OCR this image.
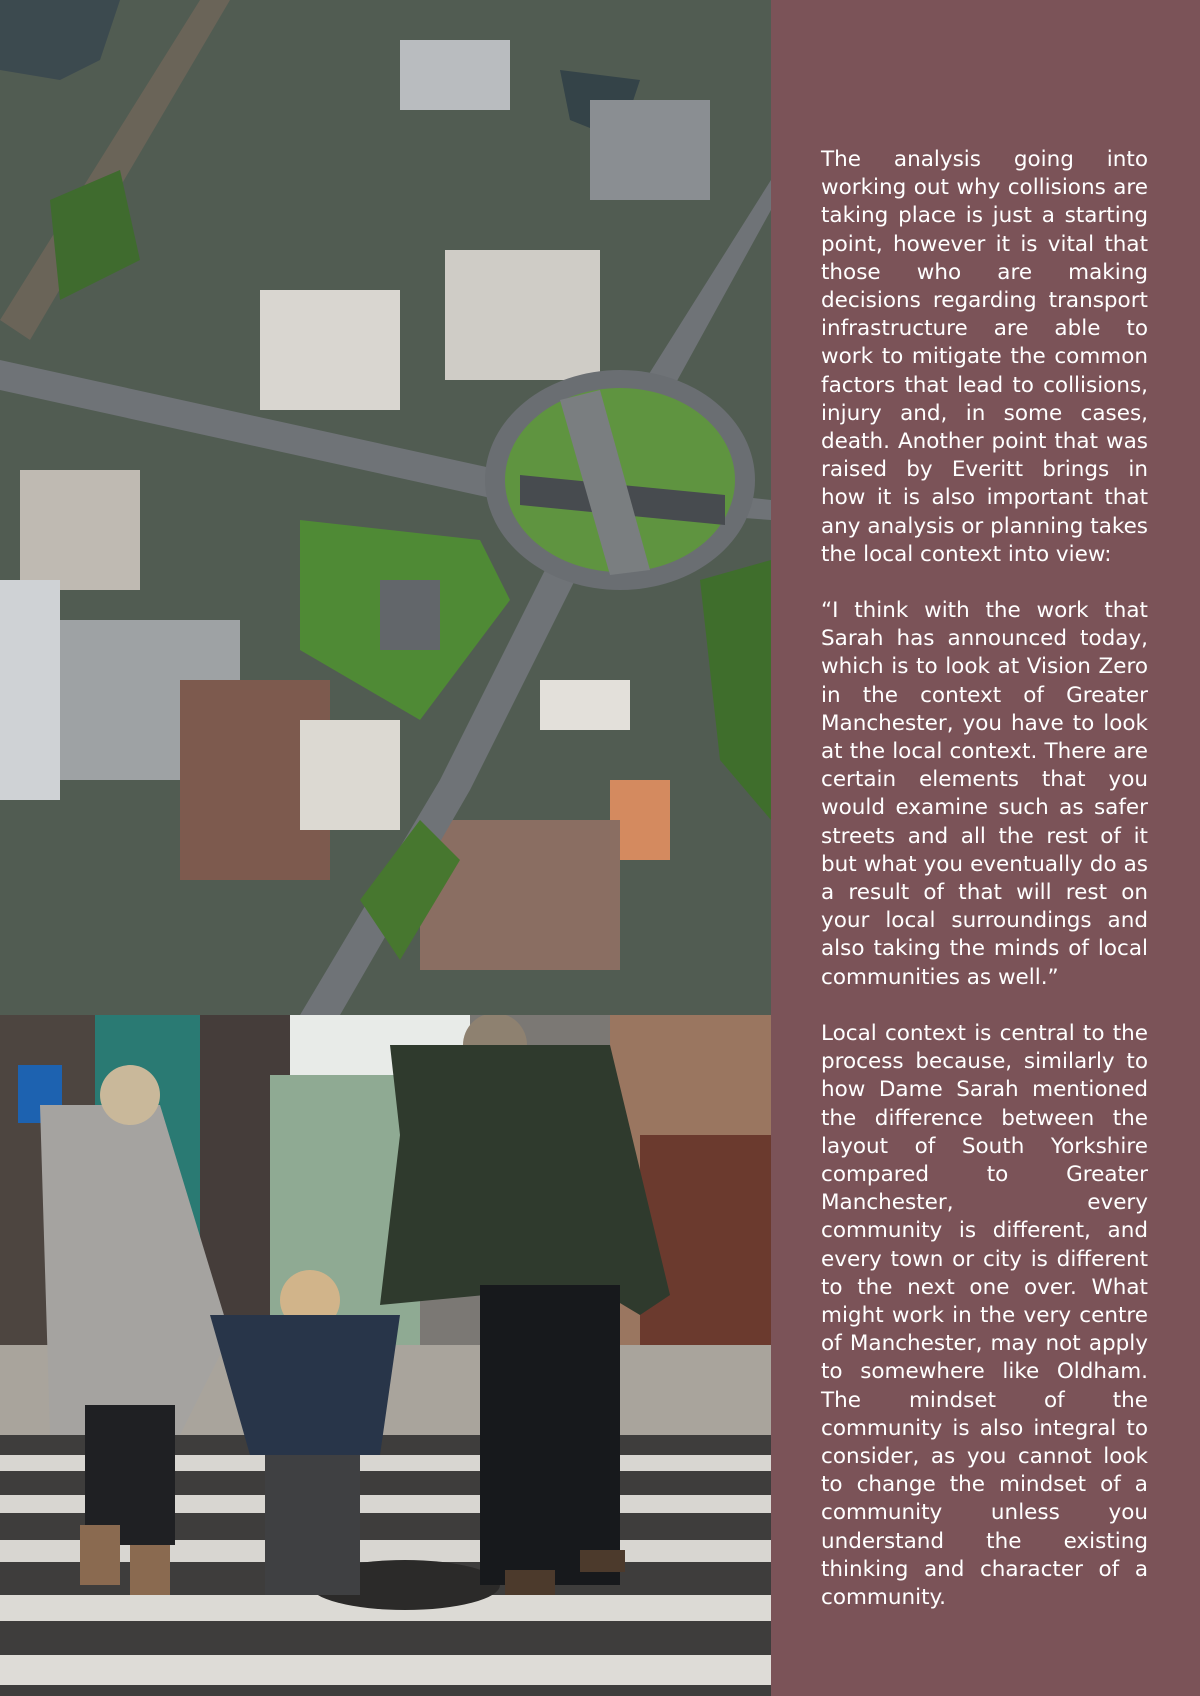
The analysis going into working out why collisions are taking place is just a starting point, however it is vital that those who are making decisions regarding transport infrastructure are able to work to mitigate the common factors that lead to collisions, injury and, in some cases, death. Another point that was raised by Everitt brings in how it is also important that any analysis or planning takes the local context into view:

“I think with the work that Sarah has announced today, which is to look at Vision Zero in the context of Greater Manchester, you have to look at the local context. There are certain elements that you would examine such as safer streets and all the rest of it but what you eventually do as a result of that will rest on your local surroundings and also taking the minds of local communities as well.”

Local context is central to the process because, similarly to how Dame Sarah mentioned the difference between the layout of South Yorkshire compared to Greater Manchester, every community is different, and every town or city is different to the next one over. What might work in the very centre of Manchester, may not apply to somewhere like Oldham. The mindset of the community is also integral to consider, as you cannot look to change the mindset of a community unless you understand the existing thinking and character of a community.
